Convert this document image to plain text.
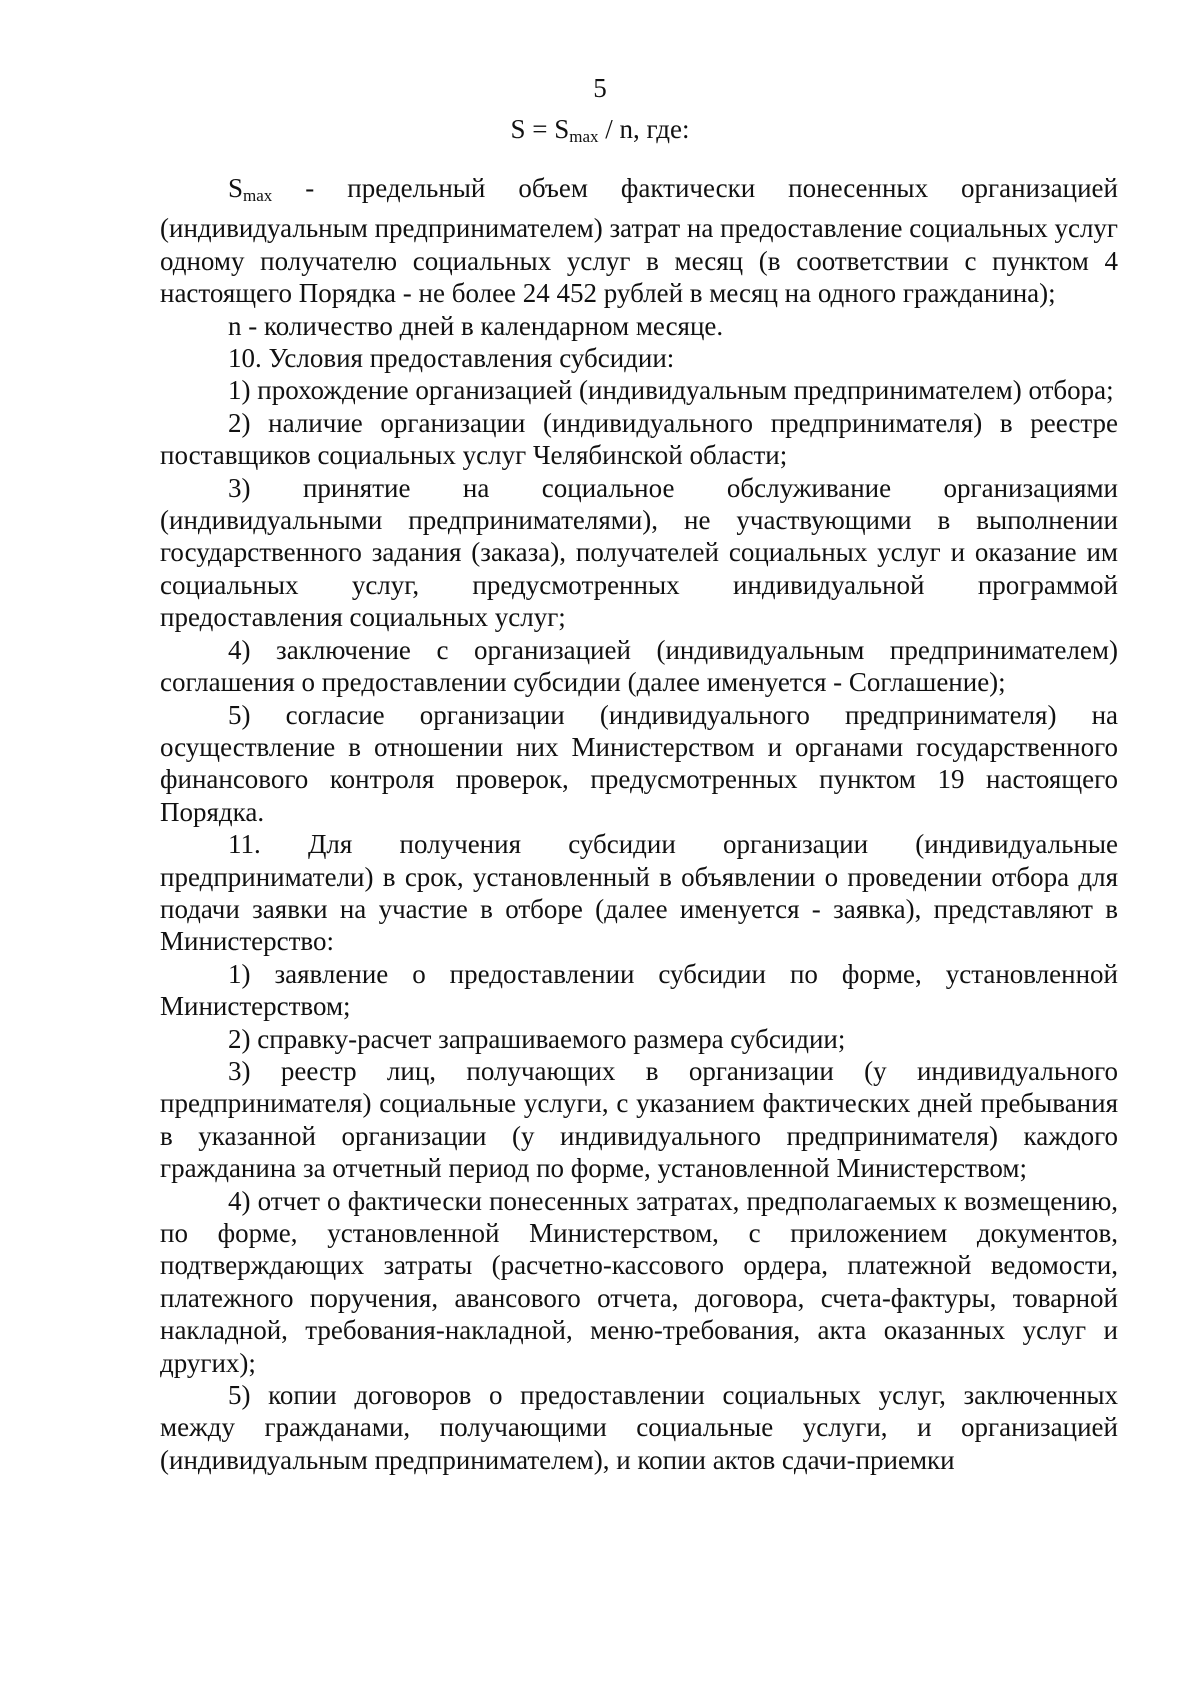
5
$S = S_{max} / n$, где:

$S_{max}$ - предельный объем фактически понесенных организацией (индивидуальным предпринимателем) затрат на предоставление социальных услуг одному получателю социальных услуг в месяц (в соответствии с пунктом 4 настоящего Порядка - не более 24 452 рублей в месяц на одного гражданина);

n - количество дней в календарном месяце.

10. Условия предоставления субсидии:

1) прохождение организацией (индивидуальным предпринимателем) отбора;

2) наличие организации (индивидуального предпринимателя) в реестре поставщиков социальных услуг Челябинской области;

3) принятие на социальное обслуживание организациями (индивидуальными предпринимателями), не участвующими в выполнении государственного задания (заказа), получателей социальных услуг и оказание им социальных услуг, предусмотренных индивидуальной программой предоставления социальных услуг;

4) заключение с организацией (индивидуальным предпринимателем) соглашения о предоставлении субсидии (далее именуется - Соглашение);

5) согласие организации (индивидуального предпринимателя) на осуществление в отношении них Министерством и органами государственного финансового контроля проверок, предусмотренных пунктом 19 настоящего Порядка.

11. Для получения субсидии организации (индивидуальные предприниматели) в срок, установленный в объявлении о проведении отбора для подачи заявки на участие в отборе (далее именуется - заявка), представляют в Министерство:

1) заявление о предоставлении субсидии по форме, установленной Министерством;

2) справку-расчет запрашиваемого размера субсидии;

3) реестр лиц, получающих в организации (у индивидуального предпринимателя) социальные услуги, с указанием фактических дней пребывания в указанной организации (у индивидуального предпринимателя) каждого гражданина за отчетный период по форме, установленной Министерством;

4) отчет о фактически понесенных затратах, предполагаемых к возмещению, по форме, установленной Министерством, с приложением документов, подтверждающих затраты (расчетно-кассового ордера, платежной ведомости, платежного поручения, авансового отчета, договора, счета-фактуры, товарной накладной, требования-накладной, меню-требования, акта оказанных услуг и других);

5) копии договоров о предоставлении социальных услуг, заключенных между гражданами, получающими социальные услуги, и организацией (индивидуальным предпринимателем), и копии актов сдачи-приемки
